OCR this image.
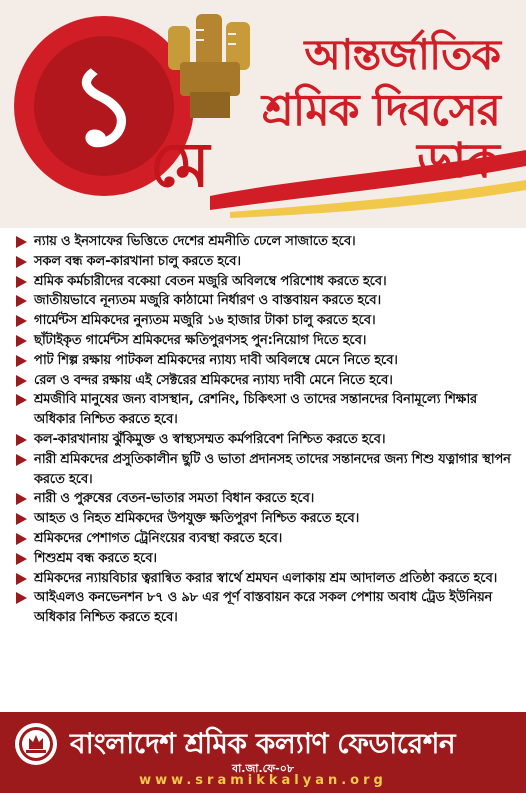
১ মে
আন্তর্জাতিক
শ্রমিক দিবসের
ডাক
ন্যায় ও ইনসাফের ভিত্তিতে দেশের শ্রমনীতি ঢেলে সাজাতে হবে।
সকল বন্ধ কল-কারখানা চালু করতে হবে।
শ্রমিক কর্মচারীদের বকেয়া বেতন মজুরি অবিলম্বে পরিশোধ করতে হবে।
জাতীয়ভাবে নূন্যতম মজুরি কাঠামো নির্ধারণ ও বাস্তবায়ন করতে হবে।
গার্মেন্টস শ্রমিকদের নুন্যতম মজুরি ১৬ হাজার টাকা চালু করতে হবে।
ছাঁটাইকৃত গার্মেন্টস শ্রমিকদের ক্ষতিপুরণসহ পুন:নিয়োগ দিতে হবে।
পাট শিল্প রক্ষায় পাটকল শ্রমিকদের ন্যায্য দাবী অবিলম্বে মেনে নিতে হবে।
রেল ও বন্দর রক্ষায় এই সেক্টরের শ্রমিকদের ন্যায্য দাবী মেনে নিতে হবে।
শ্রমজীবি মানুষের জন্য বাসস্থান, রেশনিং, চিকিৎসা ও তাদের সন্তানদের বিনামূল্যে শিক্ষার অধিকার নিশ্চিত করতে হবে।
কল-কারখানায় ঝুঁকিমুক্ত ও স্বাস্থ্যসম্মত কর্মপরিবেশ নিশ্চিত করতে হবে।
নারী শ্রমিকদের প্রসুতিকালীন ছুটি ও ভাতা প্রদানসহ তাদের সন্তানদের জন্য শিশু যত্নাগার স্থাপন করতে হবে।
নারী ও পুরুষের বেতন-ভাতার সমতা বিধান করতে হবে।
আহত ও নিহত শ্রমিকদের উপযুক্ত ক্ষতিপুরণ নিশ্চিত করতে হবে।
শ্রমিকদের পেশাগত ট্রেনিংয়ের ব্যবস্থা করতে হবে।
শিশুশ্রম বন্ধ করতে হবে।
শ্রমিকদের ন্যায়বিচার ত্বরান্বিত করার স্বার্থে শ্রমঘন এলাকায় শ্রম আদালত প্রতিষ্ঠা করতে হবে।
আইএলও কনভেনশন ৮৭ ও ৯৮ এর পূর্ণ বাস্তবায়ন করে সকল পেশায় অবাধ ট্রেড ইউনিয়ন অধিকার নিশ্চিত করতে হবে।
বাংলাদেশ শ্রমিক কল্যাণ ফেডারেশন
বা.জা.ফে-০৮
www.sramikkalyan.org
